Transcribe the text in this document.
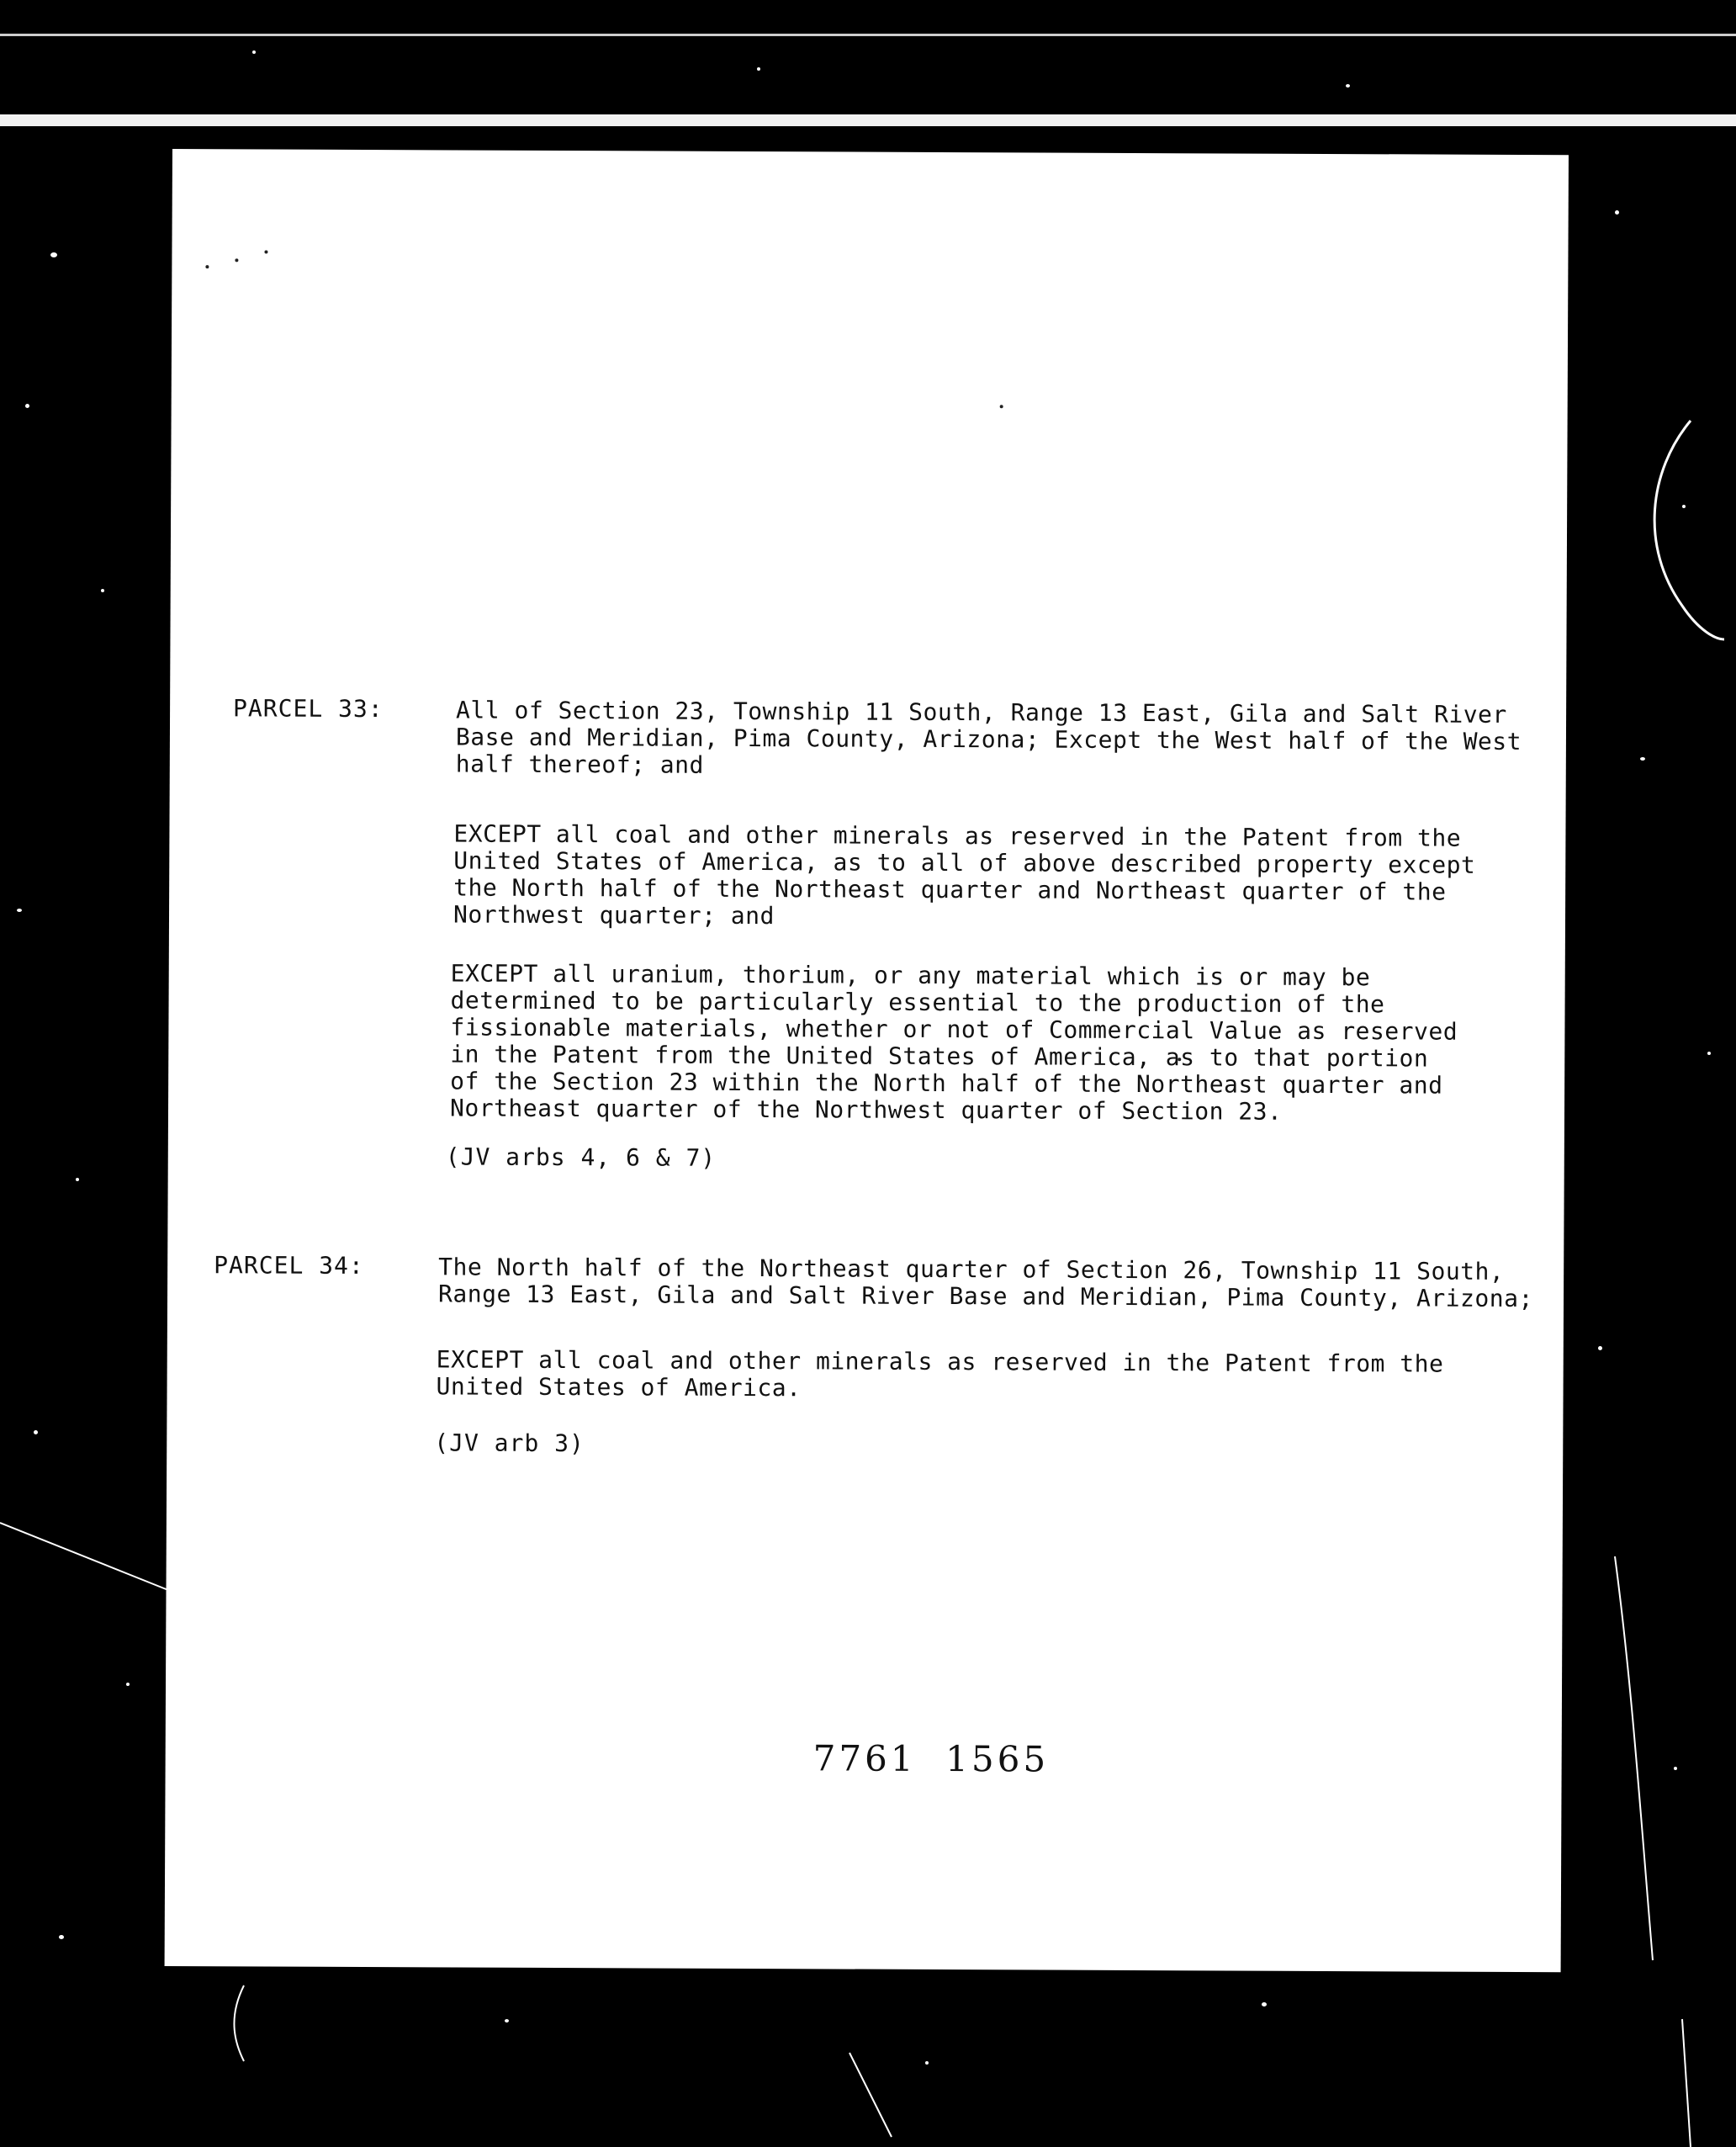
PARCEL 33:	All of Section 23, Township 11 South, Range 13 East, Gila and Salt River
Base and Meridian, Pima County, Arizona; Except the West half of the West
half thereof; and
EXCEPT all coal and other minerals as reserved in the Patent from the
United States of America, as to all of above described property except
the North half of the Northeast quarter and Northeast quarter of the
Northwest quarter; and
EXCEPT all uranium, thorium, or any material which is or may be
determined to be particularly essential to the production of the
fissionable materials, whether or not of Commercial Value as reserved
in the Patent from the United States of America, as to that portion
of the Section 23 within the North half of the Northeast quarter and
Northeast quarter of the Northwest quarter of Section 23.
(JV arbs 4, 6 & 7)
PARCEL 34:	The North half of the Northeast quarter of Section 26, Township 11 South,
Range 13 East, Gila and Salt River Base and Meridian, Pima County, Arizona;
EXCEPT all coal and other minerals as reserved in the Patent from the
United States of America.
(JV arb 3)
7761  1565
